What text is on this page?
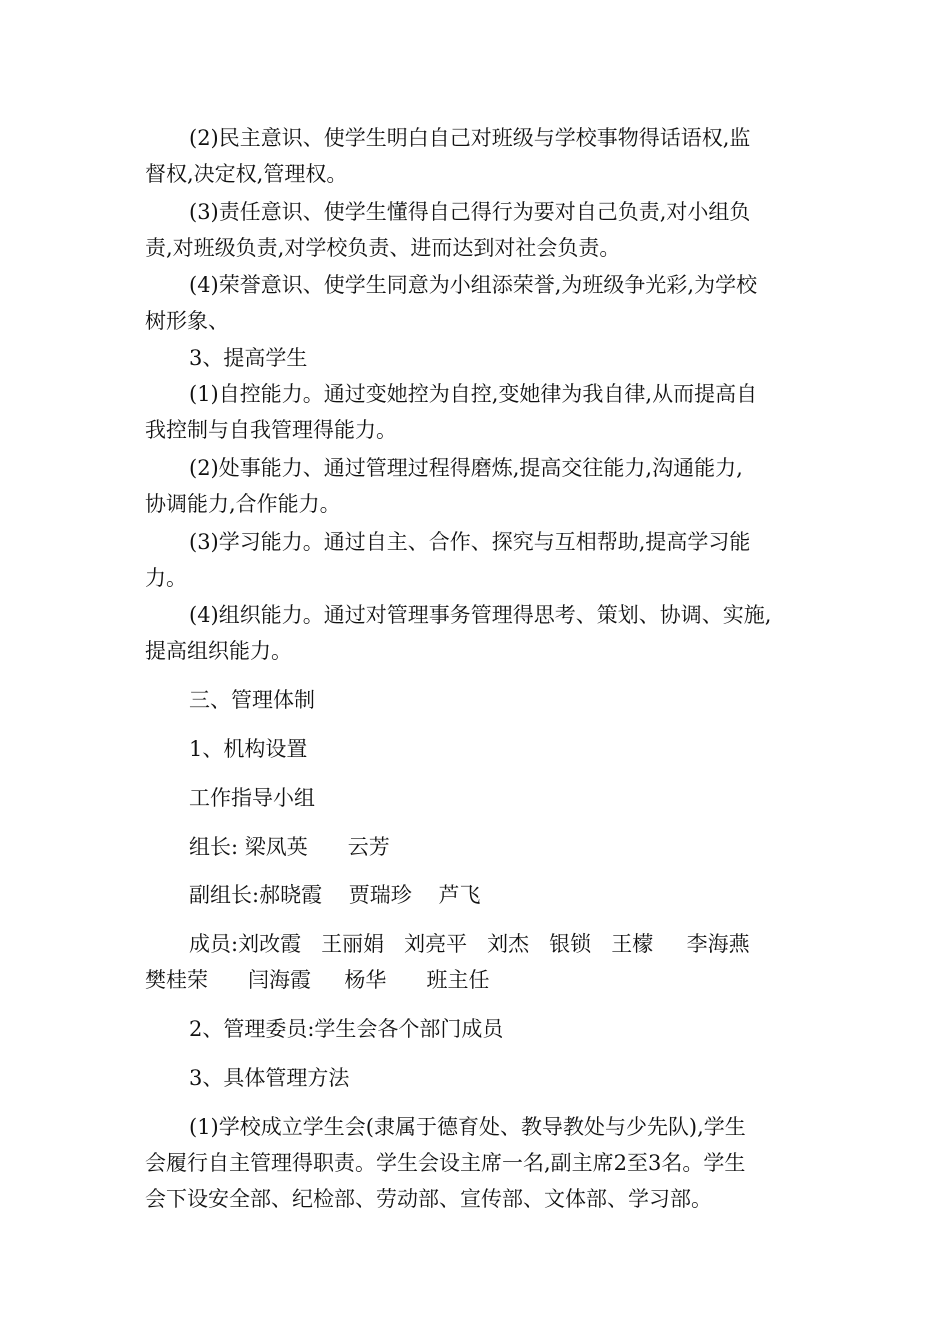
(2)民主意识、使学生明白自己对班级与学校事物得话语权,监
督权,决定权,管理权。

(3)责任意识、使学生懂得自己得行为要对自己负责,对小组负
责,对班级负责,对学校负责、进而达到对社会负责。

(4)荣誉意识、使学生同意为小组添荣誉,为班级争光彩,为学校
树形象、

3、提高学生

(1)自控能力。通过变她控为自控,变她律为我自律,从而提高自
我控制与自我管理得能力。

(2)处事能力、通过管理过程得磨炼,提高交往能力,沟通能力,
协调能力,合作能力。

(3)学习能力。通过自主、合作、探究与互相帮助,提高学习能
力。

(4)组织能力。通过对管理事务管理得思考、策划、协调、实施,
提高组织能力。

三、管理体制

1、机构设置

工作指导小组

组长: 梁凤英      云芳

副组长:郝晓霞    贾瑞珍    芦飞

成员:刘改霞   王丽娟   刘亮平   刘杰   银锁   王檬     李海燕
樊桂荣      闫海霞     杨华      班主任

2、管理委员:学生会各个部门成员

3、具体管理方法

(1)学校成立学生会(隶属于德育处、教导教处与少先队),学生
会履行自主管理得职责。学生会设主席一名,副主席2至3名。学生
会下设安全部、纪检部、劳动部、宣传部、文体部、学习部。
